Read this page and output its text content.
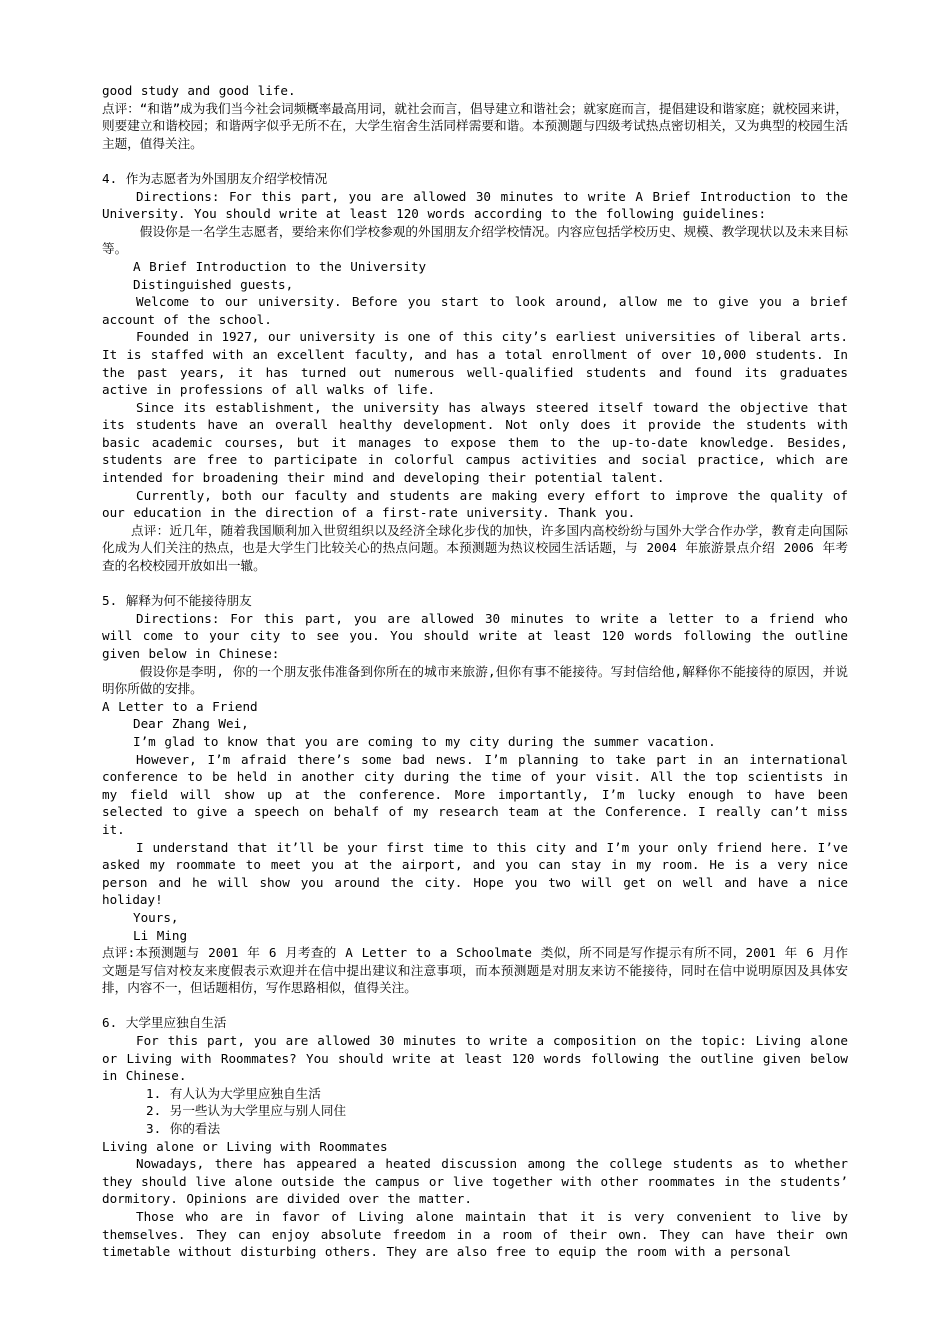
good study and good life.

点评：“和谐”成为我们当今社会词频概率最高用词，就社会而言，倡导建立和谐社会；就家庭而言，提倡建设和谐家庭；就校园来讲，则要建立和谐校园；和谐两字似乎无所不在，大学生宿舍生活同样需要和谐。本预测题与四级考试热点密切相关，又为典型的校园生活主题，值得关注。

4. 作为志愿者为外国朋友介绍学校情况

Directions: For this part, you are allowed 30 minutes to write A Brief Introduction to the University. You should write at least 120 words according to the following guidelines:

假设你是一名学生志愿者，要给来你们学校参观的外国朋友介绍学校情况。内容应包括学校历史、规模、教学现状以及未来目标等。

A Brief Introduction to the University

Distinguished guests,

Welcome to our university. Before you start to look around, allow me to give you a brief account of the school.

Founded in 1927, our university is one of this city’s earliest universities of liberal arts. It is staffed with an excellent faculty, and has a total enrollment of over 10,000 students. In the past years, it has turned out numerous well-qualified students and found its graduates active in professions of all walks of life.

Since its establishment, the university has always steered itself toward the objective that its students have an overall healthy development. Not only does it provide the students with basic academic courses, but it manages to expose them to the up-to-date knowledge. Besides, students are free to participate in colorful campus activities and social practice, which are intended for broadening their mind and developing their potential talent.

Currently, both our faculty and students are making every effort to improve the quality of our education in the direction of a first-rate university. Thank you.

点评：近几年，随着我国顺利加入世贸组织以及经济全球化步伐的加快，许多国内高校纷纷与国外大学合作办学，教育走向国际化成为人们关注的热点，也是大学生门比较关心的热点问题。本预测题为热议校园生活话题，与 2004 年旅游景点介绍 2006 年考查的名校校园开放如出一辙。

5. 解释为何不能接待朋友

Directions: For this part, you are allowed 30 minutes to write a letter to a friend who will come to your city to see you. You should write at least 120 words following the outline given below in Chinese:

假设你是李明, 你的一个朋友张伟准备到你所在的城市来旅游,但你有事不能接待。写封信给他,解释你不能接待的原因，并说明你所做的安排。

A Letter to a Friend

Dear Zhang Wei,

I’m glad to know that you are coming to my city during the summer vacation.

However, I’m afraid there’s some bad news. I’m planning to take part in an international conference to be held in another city during the time of your visit. All the top scientists in my field will show up at the conference. More importantly, I’m lucky enough to have been selected to give a speech on behalf of my research team at the Conference. I really can’t miss it.

I understand that it’ll be your first time to this city and I’m your only friend here. I’ve asked my roommate to meet you at the airport, and you can stay in my room. He is a very nice person and he will show you around the city. Hope you two will get on well and have a nice holiday!

Yours,

Li Ming

点评:本预测题与 2001 年 6 月考查的 A Letter to a Schoolmate 类似，所不同是写作提示有所不同，2001 年 6 月作文题是写信对校友来度假表示欢迎并在信中提出建议和注意事项，而本预测题是对朋友来访不能接待，同时在信中说明原因及具体安排，内容不一，但话题相仿，写作思路相似，值得关注。

6. 大学里应独自生活

For this part, you are allowed 30 minutes to write a composition on the topic: Living alone or Living with Roommates? You should write at least 120 words following the outline given below in Chinese.

1. 有人认为大学里应独自生活

2. 另一些认为大学里应与别人同住

3. 你的看法

Living alone or Living with Roommates

Nowadays, there has appeared a heated discussion among the college students as to whether they should live alone outside the campus or live together with other roommates in the students’ dormitory. Opinions are divided over the matter.

Those who are in favor of Living alone maintain that it is very convenient to live by themselves. They can enjoy absolute freedom in a room of their own. They can have their own timetable without disturbing others. They are also free to equip the room with a personal
